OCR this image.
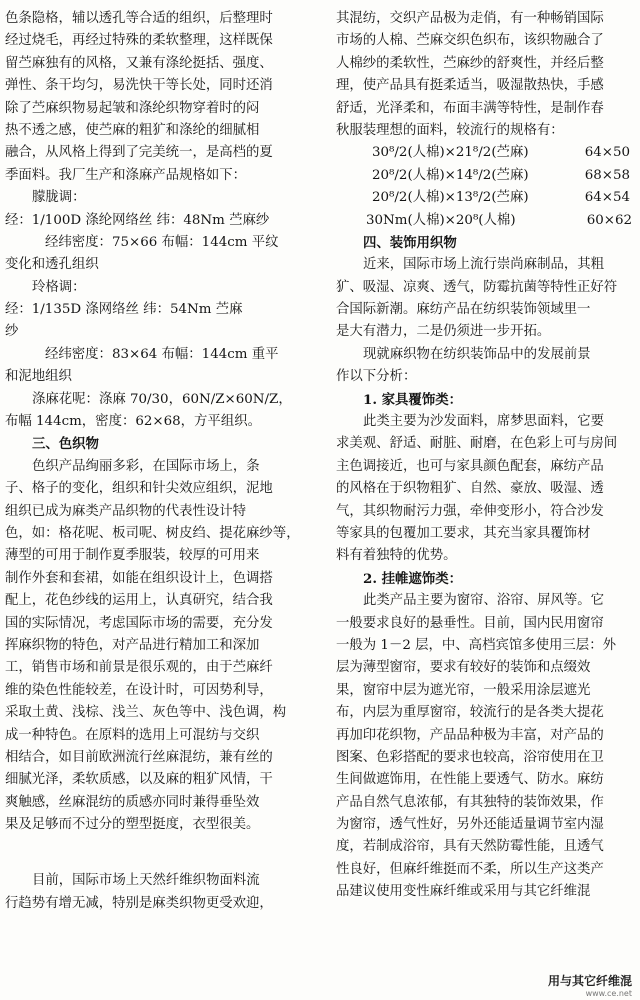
色条隐格，辅以透孔等合适的组织，后整理时
经过烧毛，再经过特殊的柔软整理，这样既保
留苎麻独有的风格，又兼有涤纶挺括、强度、
弹性、条干均匀，易洗快干等长处，同时还消
除了苎麻织物易起皱和涤纶织物穿着时的闷
热不透之感，使苎麻的粗犷和涤纶的细腻相
融合，从风格上得到了完美统一，是高档的夏
季面料。我厂生产和涤麻产品规格如下：
朦胧调：
经：1/100D 涤纶网络丝 纬：48Nm 苎麻纱
经纬密度：75×66 布幅：144cm 平纹
变化和透孔组织
玲格调：
经：1/135D 涤网络丝 纬：54Nm 苎麻
纱
经纬密度：83×64 布幅：144cm 重平
和泥地组织
涤麻花呢：涤麻 70/30，60N/Z×60N/Z，
布幅 144cm，密度：62×68，方平组织。
三、色织物
色织产品绚丽多彩，在国际市场上，条
子、格子的变化，组织和针尖效应组织，泥地
组织已成为麻类产品织物的代表性设计特
色，如：格花呢、板司呢、树皮绉、提花麻纱等，
薄型的可用于制作夏季服装，较厚的可用来
制作外套和套裙，如能在组织设计上，色调搭
配上，花色纱线的运用上，认真研究，结合我
国的实际情况，考虑国际市场的需要，充分发
挥麻织物的特色，对产品进行精加工和深加
工，销售市场和前景是很乐观的，由于苎麻纤
维的染色性能较差，在设计时，可因势利导，
采取土黄、浅棕、浅兰、灰色等中、浅色调，构
成一种特色。在原料的选用上可混纺与交织
相结合，如目前欧洲流行丝麻混纺，兼有丝的
细腻光泽，柔软质感，以及麻的粗犷风情，干
爽触感，丝麻混纺的质感亦同时兼得垂坠效
果及足够而不过分的塑型挺度，衣型很美。
目前，国际市场上天然纤维织物面料流
行趋势有增无减，特别是麻类织物更受欢迎，
其混纺，交织产品极为走俏，有一种畅销国际
市场的人棉、苎麻交织色织布，该织物融合了
人棉纱的柔软性，苎麻纱的舒爽性，并经后整
理，使产品具有挺柔适当，吸湿散热快，手感
舒适，光泽柔和，布面丰满等特性，是制作春
秋服装理想的面料，较流行的规格有：
30⁸/2(人棉)×21⁸/2(苎麻)	64×50
20⁸/2(人棉)×14⁸/2(苎麻)	68×58
20⁸/2(人棉)×13⁸/2(苎麻)	64×54
30Nm(人棉)×20⁸(人棉)	60×62
四、装饰用织物
近来，国际市场上流行崇尚麻制品，其粗
犷、吸湿、凉爽、透气，防霉抗菌等特性正好符
合国际新潮。麻纺产品在纺织装饰领域里一
是大有潜力，二是仍须进一步开拓。
现就麻织物在纺织装饰品中的发展前景
作以下分析：
1. 家具覆饰类：
此类主要为沙发面料，席梦思面料，它要
求美观、舒适、耐脏、耐磨，在色彩上可与房间
主色调接近，也可与家具颜色配套，麻纺产品
的风格在于织物粗犷、自然、豪放、吸湿、透
气，其织物耐污力强，牵伸变形小，符合沙发
等家具的包覆加工要求，其充当家具覆饰材
料有着独特的优势。
2. 挂帷遮饰类：
此类产品主要为窗帘、浴帘、屏风等。它
一般要求良好的悬垂性。目前，国内民用窗帘
一般为 1－2 层，中、高档宾馆多使用三层：外
层为薄型窗帘，要求有较好的装饰和点缀效
果，窗帘中层为遮光帘，一般采用涂层遮光
布，内层为重厚窗帘，较流行的是各类大提花
再加印花织物，产品品种极为丰富，对产品的
图案、色彩搭配的要求也较高，浴帘使用在卫
生间做遮饰用，在性能上要透气、防水。麻纺
产品自然气息浓郁，有其独特的装饰效果，作
为窗帘，透气性好，另外还能适量调节室内湿
度，若制成浴帘，具有天然防霉性能，且透气
性良好，但麻纤维挺而不柔，所以生产这类产
品建议使用变性麻纤维或采用与其它纤维混
用与其它纤维混
www.ce.net
